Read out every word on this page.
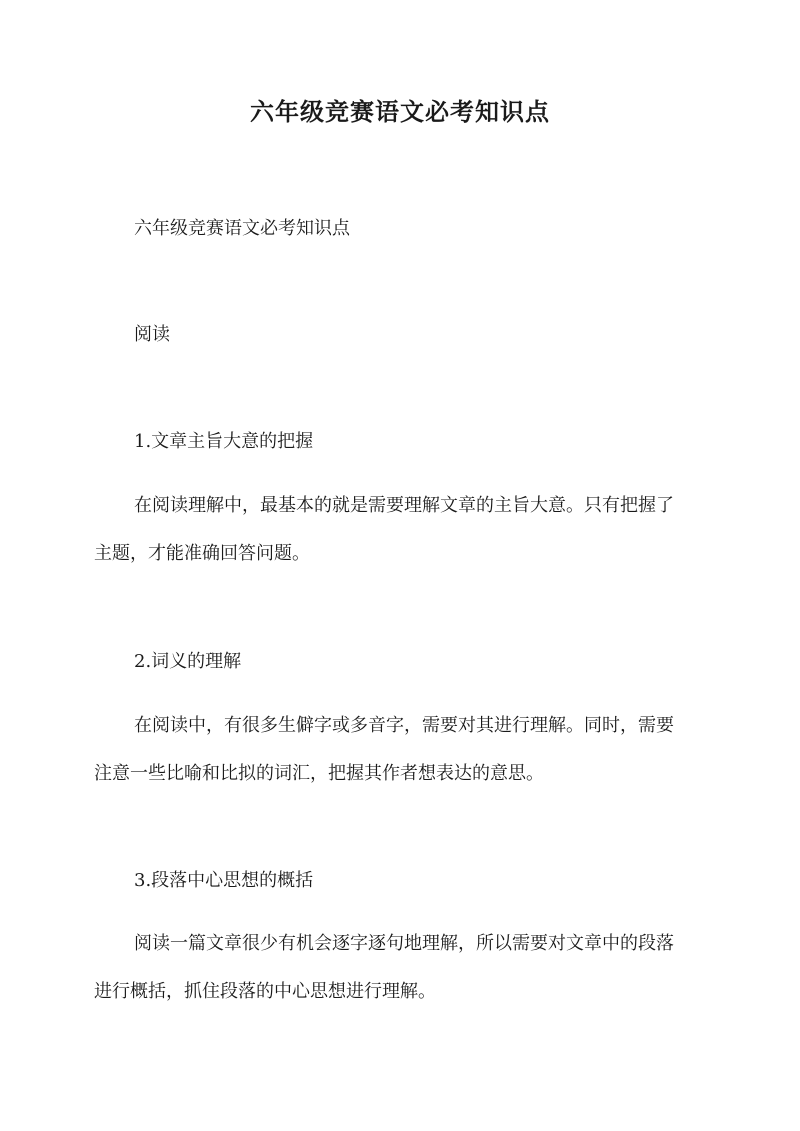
六年级竞赛语文必考知识点

六年级竞赛语文必考知识点

阅读

1.文章主旨大意的把握

在阅读理解中，最基本的就是需要理解文章的主旨大意。只有把握了

主题，才能准确回答问题。

2.词义的理解

在阅读中，有很多生僻字或多音字，需要对其进行理解。同时，需要

注意一些比喻和比拟的词汇，把握其作者想表达的意思。

3.段落中心思想的概括

阅读一篇文章很少有机会逐字逐句地理解，所以需要对文章中的段落

进行概括，抓住段落的中心思想进行理解。
